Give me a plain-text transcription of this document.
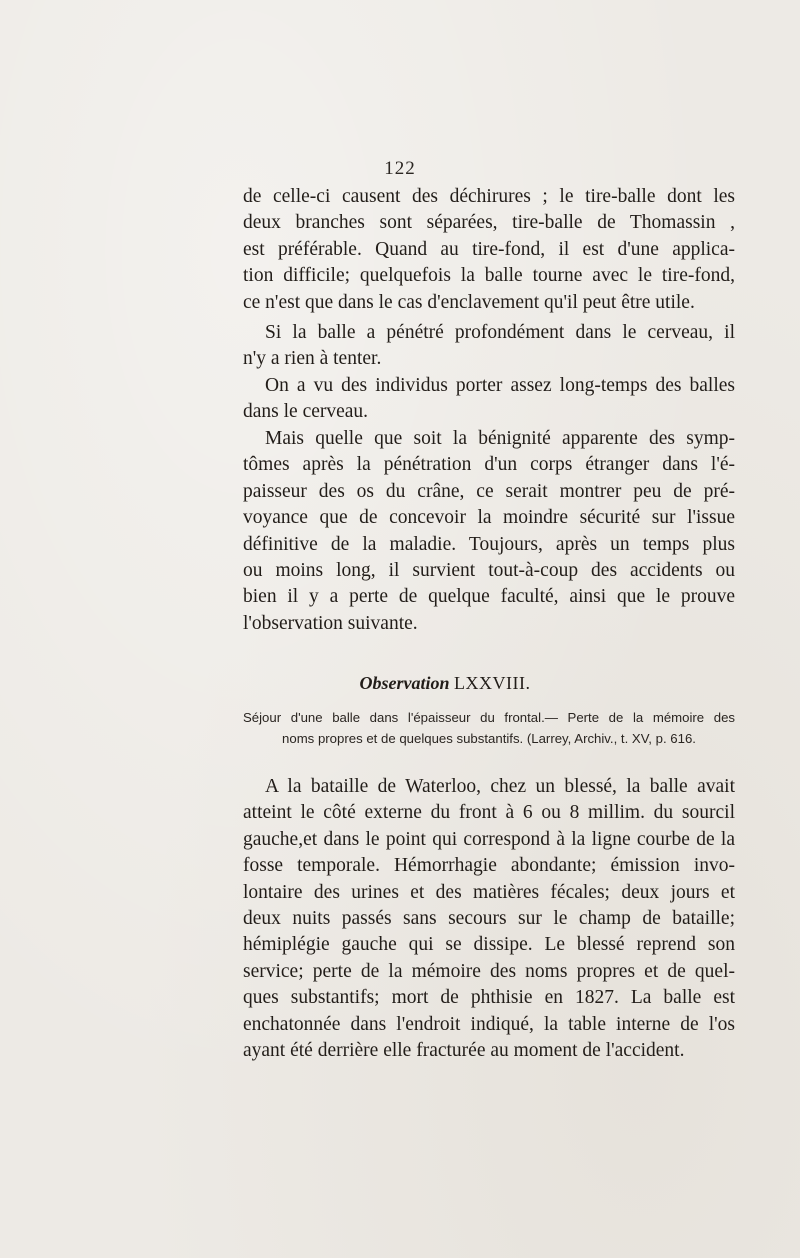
122
de celle-ci causent des déchirures ; le tire-balle dont les
deux branches sont séparées, tire-balle de Thomassin ,
est préférable. Quand au tire-fond, il est d'une applica-
tion difficile; quelquefois la balle tourne avec le tire-fond,
ce n'est que dans le cas d'enclavement qu'il peut être utile.
Si la balle a pénétré profondément dans le cerveau, il
n'y a rien à tenter.
On a vu des individus porter assez long-temps des balles
dans le cerveau.
Mais quelle que soit la bénignité apparente des symp-
tômes après la pénétration d'un corps étranger dans l'é-
paisseur des os du crâne, ce serait montrer peu de pré-
voyance que de concevoir la moindre sécurité sur l'issue
définitive de la maladie. Toujours, après un temps plus
ou moins long, il survient tout-à-coup des accidents ou
bien il y a perte de quelque faculté, ainsi que le prouve
l'observation suivante.
Observation LXXVIII.
Séjour d'une balle dans l'épaisseur du frontal.— Perte de la mémoire des
noms propres et de quelques substantifs. (Larrey, Archiv., t. XV, p. 616.
A la bataille de Waterloo, chez un blessé, la balle avait
atteint le côté externe du front à 6 ou 8 millim. du sourcil
gauche,et dans le point qui correspond à la ligne courbe de la
fosse temporale. Hémorrhagie abondante; émission invo-
lontaire des urines et des matières fécales; deux jours et
deux nuits passés sans secours sur le champ de bataille;
hémiplégie gauche qui se dissipe. Le blessé reprend son
service; perte de la mémoire des noms propres et de quel-
ques substantifs; mort de phthisie en 1827. La balle est
enchatonnée dans l'endroit indiqué, la table interne de l'os
ayant été derrière elle fracturée au moment de l'accident.
